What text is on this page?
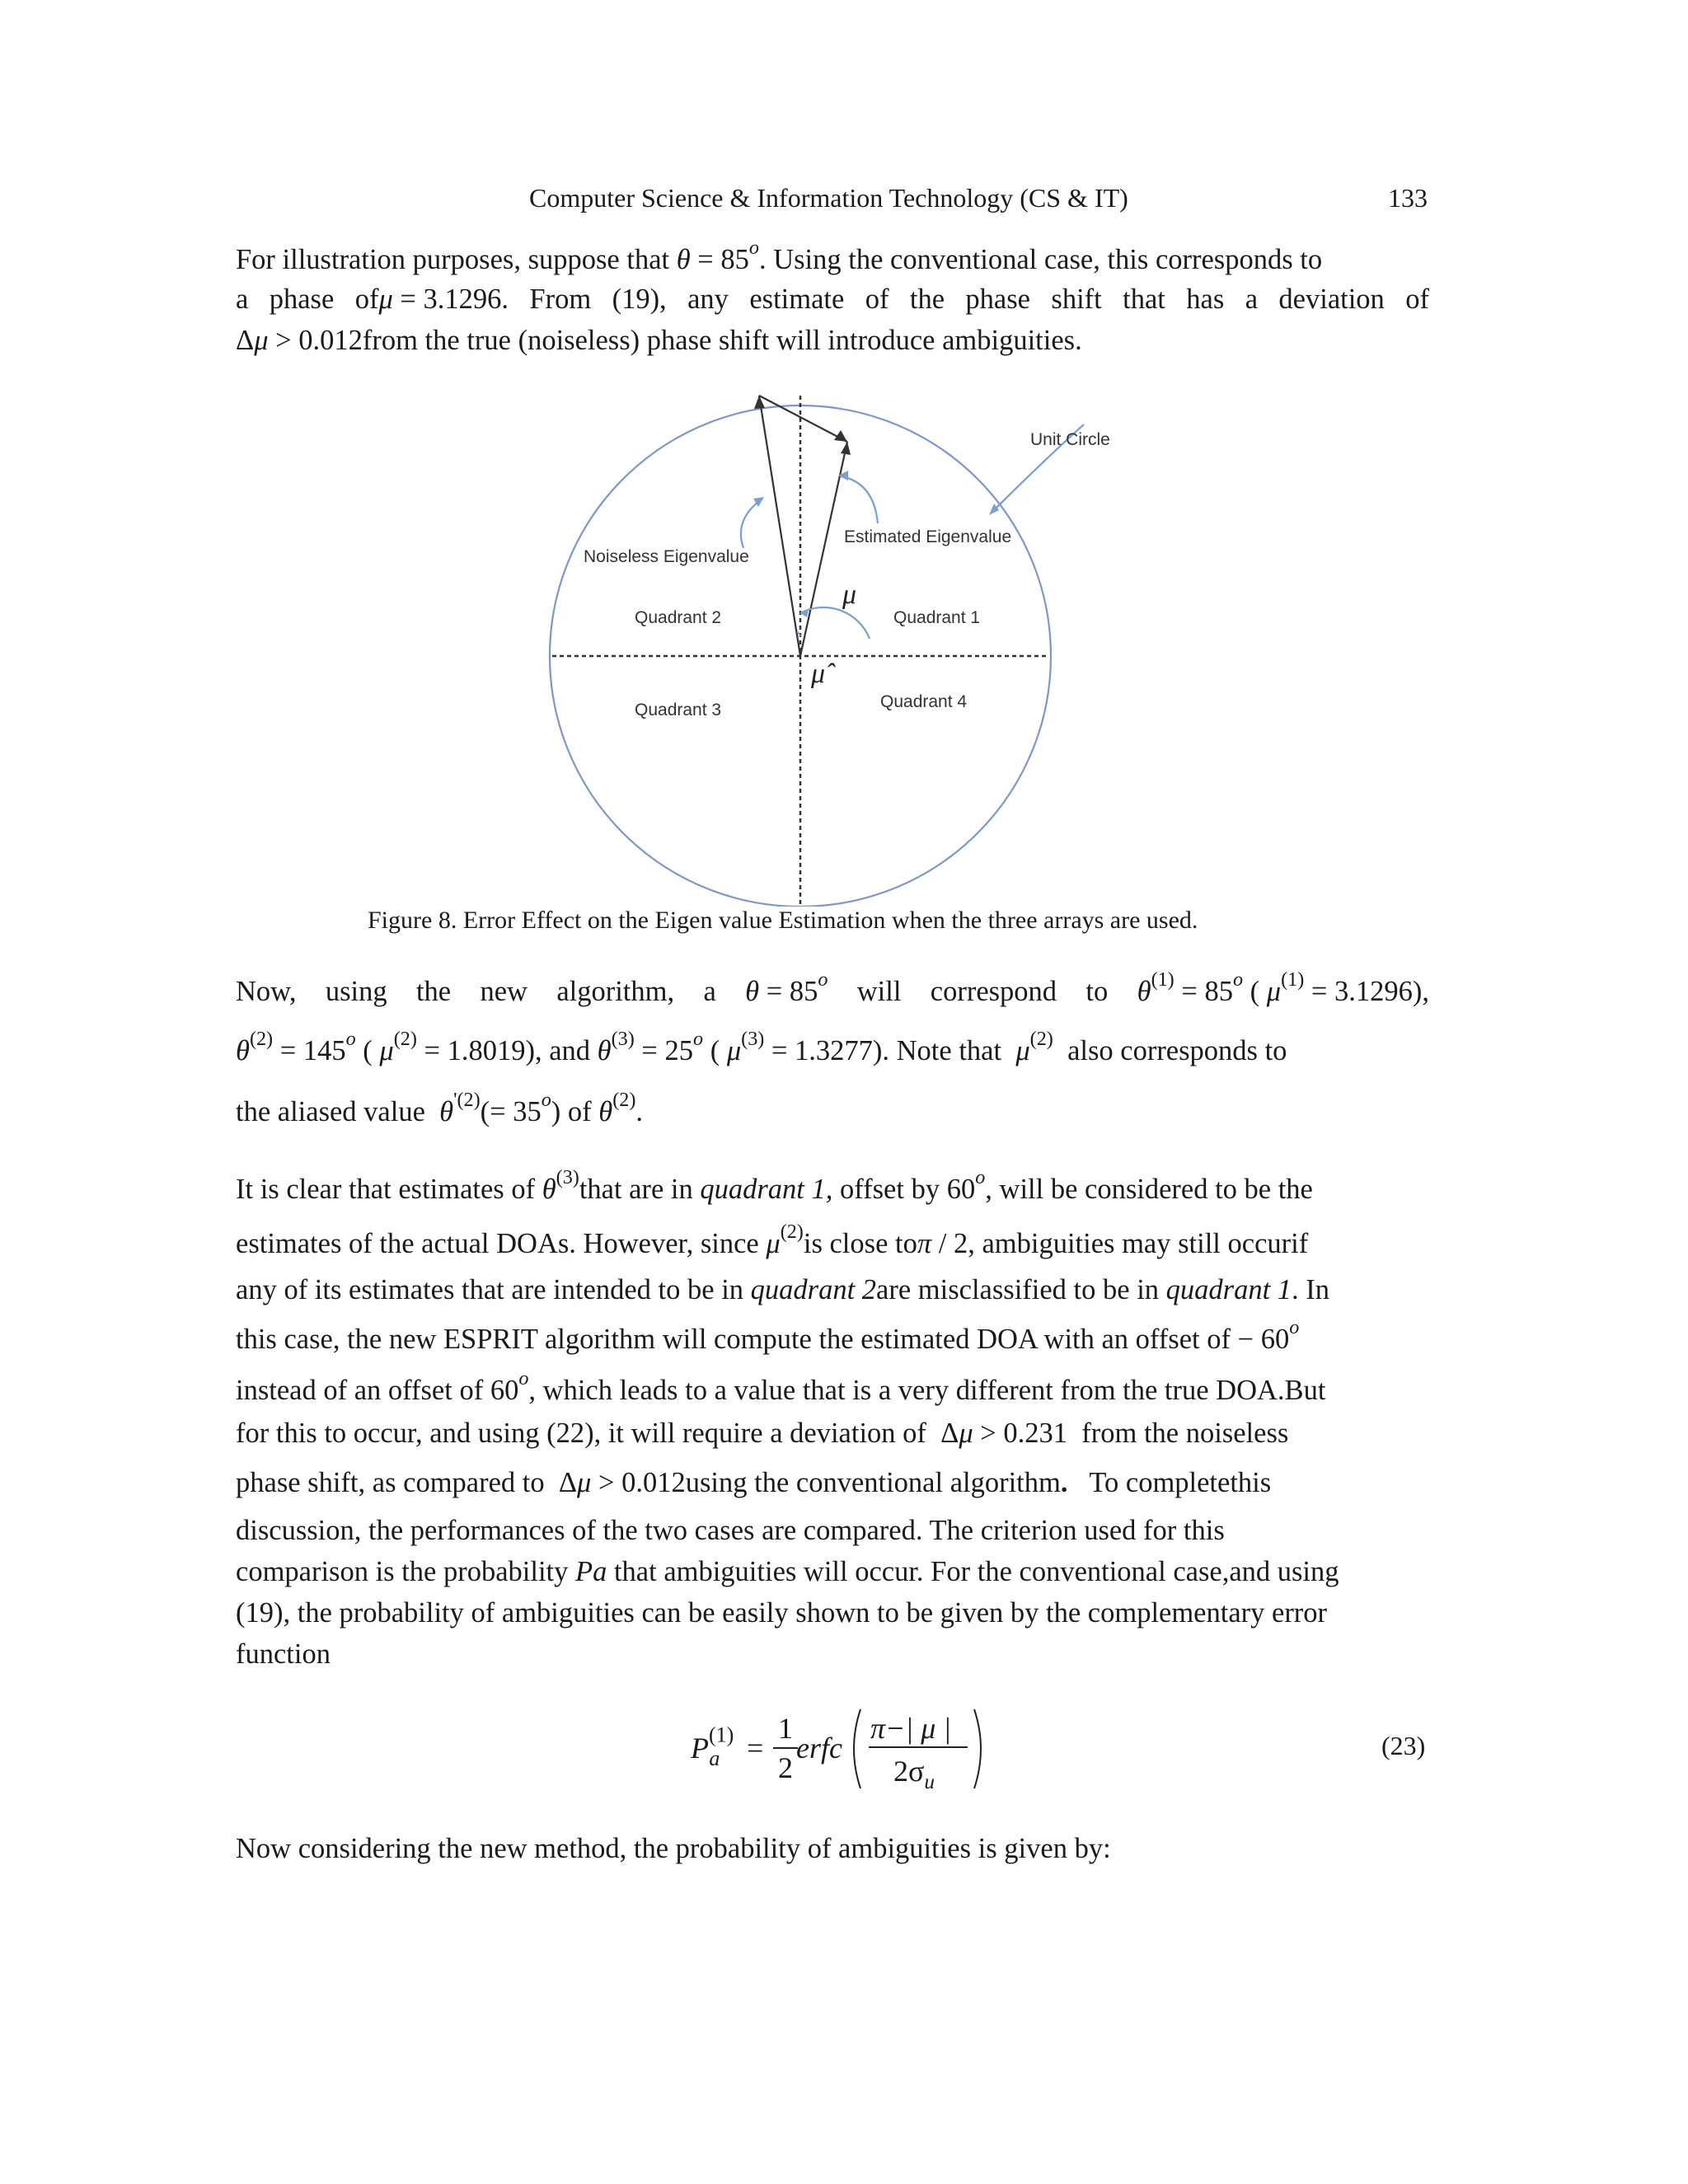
Computer Science & Information Technology (CS & IT)	133
For illustration purposes, suppose that $\theta = 85^o$. Using the conventional case, this corresponds to
a phase ofμ = 3.1296. From (19), any estimate of the phase shift that has a deviation of
Δμ > 0.012from the true (noiseless) phase shift will introduce ambiguities.
Unit Circle
Estimated Eigenvalue
Noiseless Eigenvalue
Quadrant 2	Quadrant 1
Quadrant 3	Quadrant 4
μ
μ̂
Figure 8. Error Effect on the Eigen value Estimation when the three arrays are used.
Now, using the new algorithm, a $\theta = 85^o$ will correspond to $\theta^{(1)} = 85^o$ ( $\mu^{(1)} = 3.1296$),
$\theta^{(2)} = 145^o$ ( $\mu^{(2)} = 1.8019$), and $\theta^{(3)} = 25^o$ ( $\mu^{(3)} = 1.3277$). Note that $\mu^{(2)}$ also corresponds to
the aliased value $\theta^{'(2)}(= 35^o)$ of $\theta^{(2)}$.
It is clear that estimates of $\theta^{(3)}that$ are in quadrant 1, offset by 60$^o$, will be considered to be the
estimates of the actual DOAs. However, since $\mu^{(2)}is$ close toπ / 2, ambiguities may still occurif
any of its estimates that are intended to be in quadrant 2are misclassified to be in quadrant 1. In
this case, the new ESPRIT algorithm will compute the estimated DOA with an offset of − $60^o$
instead of an offset of 60$^o$, which leads to a value that is a very different from the true DOA.But
for this to occur, and using (22), it will require a deviation of  Δμ > 0.231 from the noiseless
phase shift, as compared to  Δμ > 0.012using the conventional algorithm. To completethis
discussion, the performances of the two cases are compared. The criterion used for this
comparison is the probability Pa that ambiguities will occur. For the conventional case,and using
(19), the probability of ambiguities can be easily shown to be given by the complementary error
function
$P^{(1)}_a$ =
1
2
erfc
π−| μ |
$2\sigma_u$
(23)
Now considering the new method, the probability of ambiguities is given by:
